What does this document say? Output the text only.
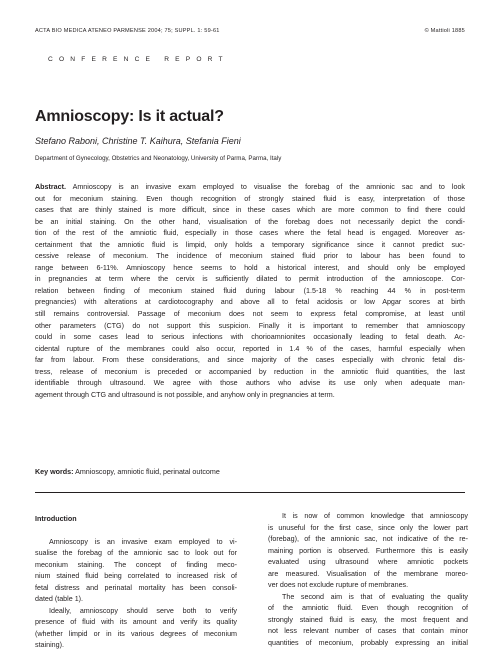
ACTA BIO MEDICA ATENEO PARMENSE 2004; 75; SUPPL. 1: 59-61	© Mattioli 1885
CONFERENCE REPORT
Amnioscopy: Is it actual?
Stefano Raboni, Christine T. Kaihura, Stefania Fieni
Department of Gynecology, Obstetrics and Neonatology, University of Parma, Parma, Italy
Abstract. Amnioscopy is an invasive exam employed to visualise the forebag of the amnionic sac and to look
out for meconium staining. Even though recognition of strongly stained fluid is easy, interpretation of those
cases that are thinly stained is more difficult, since in these cases which are more common to find there could
be an initial staining. On the other hand, visualisation of the forebag does not necessarily depict the condi-
tion of the rest of the amniotic fluid, especially in those cases where the fetal head is engaged. Moreover as-
certainment that the amniotic fluid is limpid, only holds a temporary significance since it cannot predict suc-
cessive release of meconium. The incidence of meconium stained fluid prior to labour has been found to
range between 6-11%. Amnioscopy hence seems to hold a historical interest, and should only be employed
in pregnancies at term where the cervix is sufficiently dilated to permit introduction of the amnioscope. Cor-
relation between finding of meconium stained fluid during labour (1.5-18 % reaching 44 % in post-term
pregnancies) with alterations at cardiotocography and above all to fetal acidosis or low Apgar scores at birth
still remains controversial. Passage of meconium does not seem to express fetal compromise, at least until
other parameters (CTG) do not support this suspicion. Finally it is important to remember that amnioscopy
could in some cases lead to serious infections with chorioamnionites occasionally leading to fetal death. Ac-
cidental rupture of the membranes could also occur, reported in 1.4 % of the cases, harmful especially when
far from labour. From these considerations, and since majority of the cases especially with chronic fetal dis-
tress, release of meconium is preceded or accompanied by reduction in the amniotic fluid quantities, the last
identifiable through ultrasound. We agree with those authors who advise its use only when adequate man-
agement through CTG and ultrasound is not possible, and anyhow only in pregnancies at term.
Key words: Amnioscopy, amniotic fluid, perinatal outcome
Introduction
Amnioscopy is an invasive exam employed to vi-
sualise the forebag of the amnionic sac to look out for
meconium staining. The concept of finding meco-
nium stained fluid being correlated to increased risk of
fetal distress and perinatal mortality has been consoli-
dated (table 1).
Ideally, amnioscopy should serve both to verify
presence of fluid with its amount and verify its quality
(whether limpid or in its various degrees of meconium
staining).
It is now of common knowledge that amnioscopy
is unuseful for the first case, since only the lower part
(forebag), of the amnionic sac, not indicative of the re-
maining portion is observed. Furthermore this is easily
evaluated using ultrasound where amniotic pockets
are measured. Visualisation of the membrane moreo-
ver does not exclude rupture of membranes.
The second aim is that of evaluating the quality
of the amniotic fluid. Even though recognition of
strongly stained fluid is easy, the most frequent and
not less relevant number of cases that contain minor
quantities of meconium, probably expressing an initial
